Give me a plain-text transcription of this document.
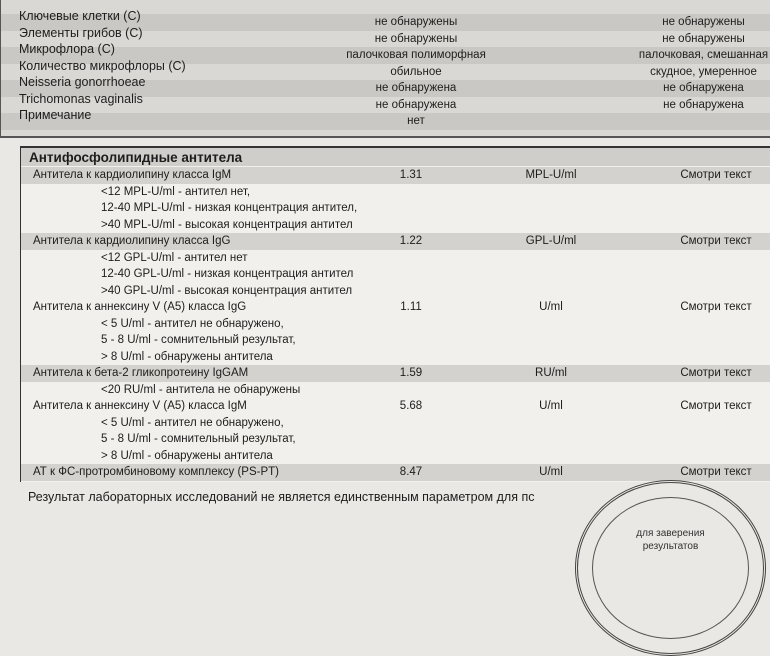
Ключевые клетки (С)	не обнаружены	не обнаружены
Элементы грибов (С)	не обнаружены	не обнаружены
Микрофлора (С)	палочковая полиморфная	палочковая, смешанная
Количество микрофлоры (С)	обильное	скудное, умеренное
Neisseria gonorrhoeae	не обнаружена	не обнаружена
Trichomonas vaginalis	не обнаружена	не обнаружена
Примечание	нет
Антифосфолипидные антитела
Антитела к кардиолипину класса IgM	1.31	MPL-U/ml	Смотри текст
<12 MPL-U/ml - антител нет,
12-40 MPL-U/ml - низкая концентрация антител,
>40 MPL-U/ml - высокая концентрация антител
Антитела к кардиолипину класса IgG	1.22	GPL-U/ml	Смотри текст
<12 GPL-U/ml - антител нет
12-40 GPL-U/ml - низкая концентрация антител
>40 GPL-U/ml - высокая концентрация антител
Антитела к аннексину V (A5) класса IgG	1.11	U/ml	Смотри текст
< 5 U/ml - антител не обнаружено,
5 - 8 U/ml - сомнительный результат,
> 8 U/ml - обнаружены антитела
Антитела к бета-2 гликопротеину IgGAM	1.59	RU/ml	Смотри текст
<20 RU/ml - антитела не обнаружены
Антитела к аннексину V (A5) класса IgM	5.68	U/ml	Смотри текст
< 5 U/ml - антител не обнаружено,
5 - 8 U/ml - сомнительный результат,
> 8 U/ml - обнаружены антитела
АТ к ФС-протромбиновому комплексу (PS-PT)	8.47	U/ml	Смотри текст
Результат лабораторных исследований не является единственным параметром для пс
для заверения
результатов
